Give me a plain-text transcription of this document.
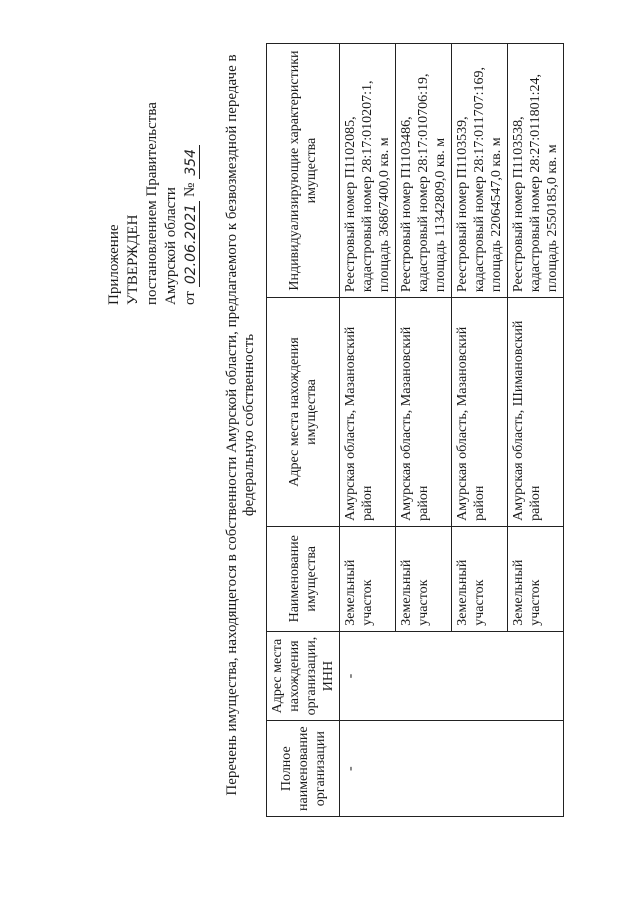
Приложение УТВЕРЖДЕН постановлением Правительства Амурской области от
02.06.2021
№
354 Перечень имущества, находящегося в собственности Амурской области, предлагаемого к безвозмездной передаче в федеральную собственность
Полное наименование организации	Адрес места нахождения организации, ИНН	Наименование имущества	Адрес места нахождения имущества	Индивидуализирующие характеристики имущества

-	-	Земельный участок	Амурская область, Мазановский район	Реестровый номер П1102085, кадастровый номер 28:17:010207:1, площадь 36867400,0 кв. м
		Земельный участок	Амурская область, Мазановский район	Реестровый номер П1103486, кадастровый номер 28:17:010706:19, площадь 11342809,0 кв. м
		Земельный участок	Амурская область, Мазановский район	Реестровый номер П1103539, кадастровый номер 28:17:011707:169, площадь 22064547,0 кв. м
		Земельный участок	Амурская область, Шимановский район	Реестровый номер П1103538, кадастровый номер 28:27:011801:24, площадь 2550185,0 кв. м
